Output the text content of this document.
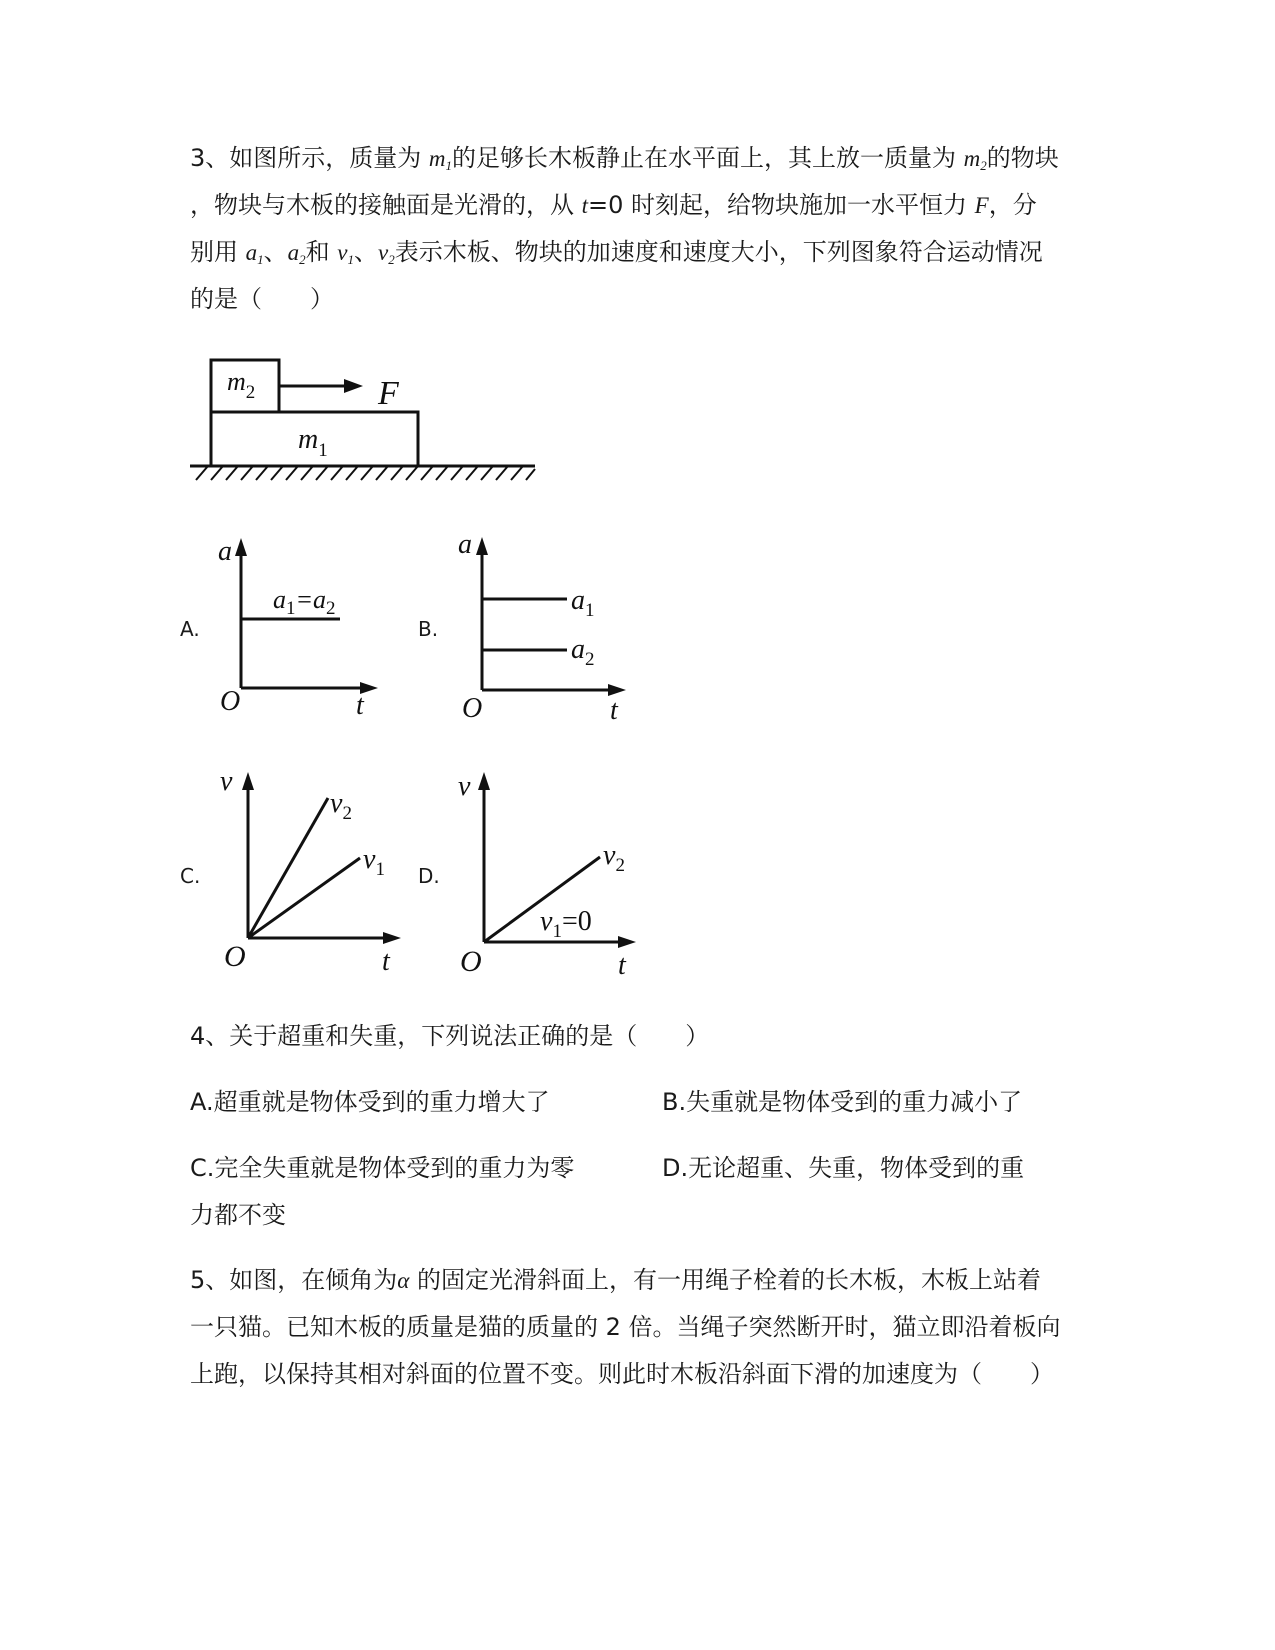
3、如图所示，质量为 $m_1$的足够长木板静止在水平面上，其上放一质量为 $m_2$的物块
，物块与木板的接触面是光滑的，从 t=0 时刻起，给物块施加一水平恒力 F，分
别用 $a_1$、$a_2$和 $v_1$、$v_2$表示木板、物块的加速度和速度大小，下列图象符合运动情况
的是（　　）
$m_2$	F
$m_1$
A.
a
O	t
$a_1=a_2$
B.
a
O	t
$a_1$
$a_2$
C.
v
O	t
$v_2$
$v_1$ D.
v
O	t
$v_2$
$v_1=0$
4、关于超重和失重，下列说法正确的是（　　）
A.超重就是物体受到的重力增大了	B.失重就是物体受到的重力减小了
C.完全失重就是物体受到的重力为零	D.无论超重、失重，物体受到的重
力都不变
5、如图，在倾角为α 的固定光滑斜面上，有一用绳子栓着的长木板，木板上站着
一只猫。已知木板的质量是猫的质量的 2 倍。当绳子突然断开时，猫立即沿着板向
上跑，以保持其相对斜面的位置不变。则此时木板沿斜面下滑的加速度为（　　）
